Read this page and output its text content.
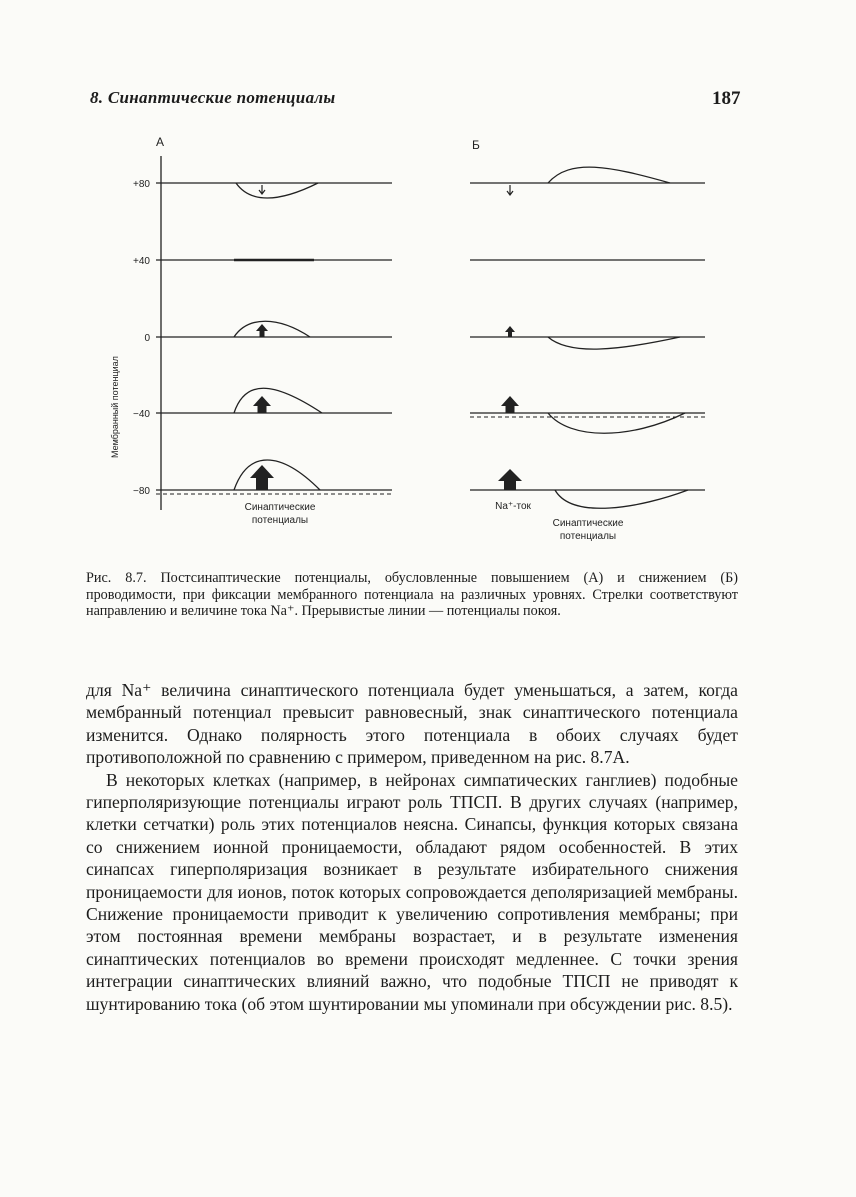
8. Синаптические потенциалы	187
А	Б
Мембранный потенциал
+80
+40
0
−40
−80
Синаптические
потенциалы
Na⁺-ток
Синаптические
потенциалы
Рис. 8.7. Постсинаптические потенциалы, обусловленные повышением (А) и снижением (Б) проводимости, при фиксации мембранного потенциала на различных уровнях. Стрелки соответствуют направлению и величине тока Na⁺. Прерывистые линии — потенциалы покоя.

для Na⁺ величина синаптического потенциала будет уменьшаться, а затем, когда мембранный потенциал превысит равновесный, знак синаптического потенциала изменится. Однако полярность этого потенциала в обоих случаях будет противоположной по сравнению с примером, приведенном на рис. 8.7А.

В некоторых клетках (например, в нейронах симпатических ганглиев) подобные гиперполяризующие потенциалы играют роль ТПСП. В других случаях (например, клетки сетчатки) роль этих потенциалов неясна. Синапсы, функция которых связана со снижением ионной проницаемости, обладают рядом особенностей. В этих синапсах гиперполяризация возникает в результате избирательного снижения проницаемости для ионов, поток которых сопровождается деполяризацией мембраны. Снижение проницаемости приводит к увеличению сопротивления мембраны; при этом постоянная времени мембраны возрастает, и в результате изменения синаптических потенциалов во времени происходят медленнее. С точки зрения интеграции синаптических влияний важно, что подобные ТПСП не приводят к шунтированию тока (об этом шунтировании мы упоминали при обсуждении рис. 8.5).
